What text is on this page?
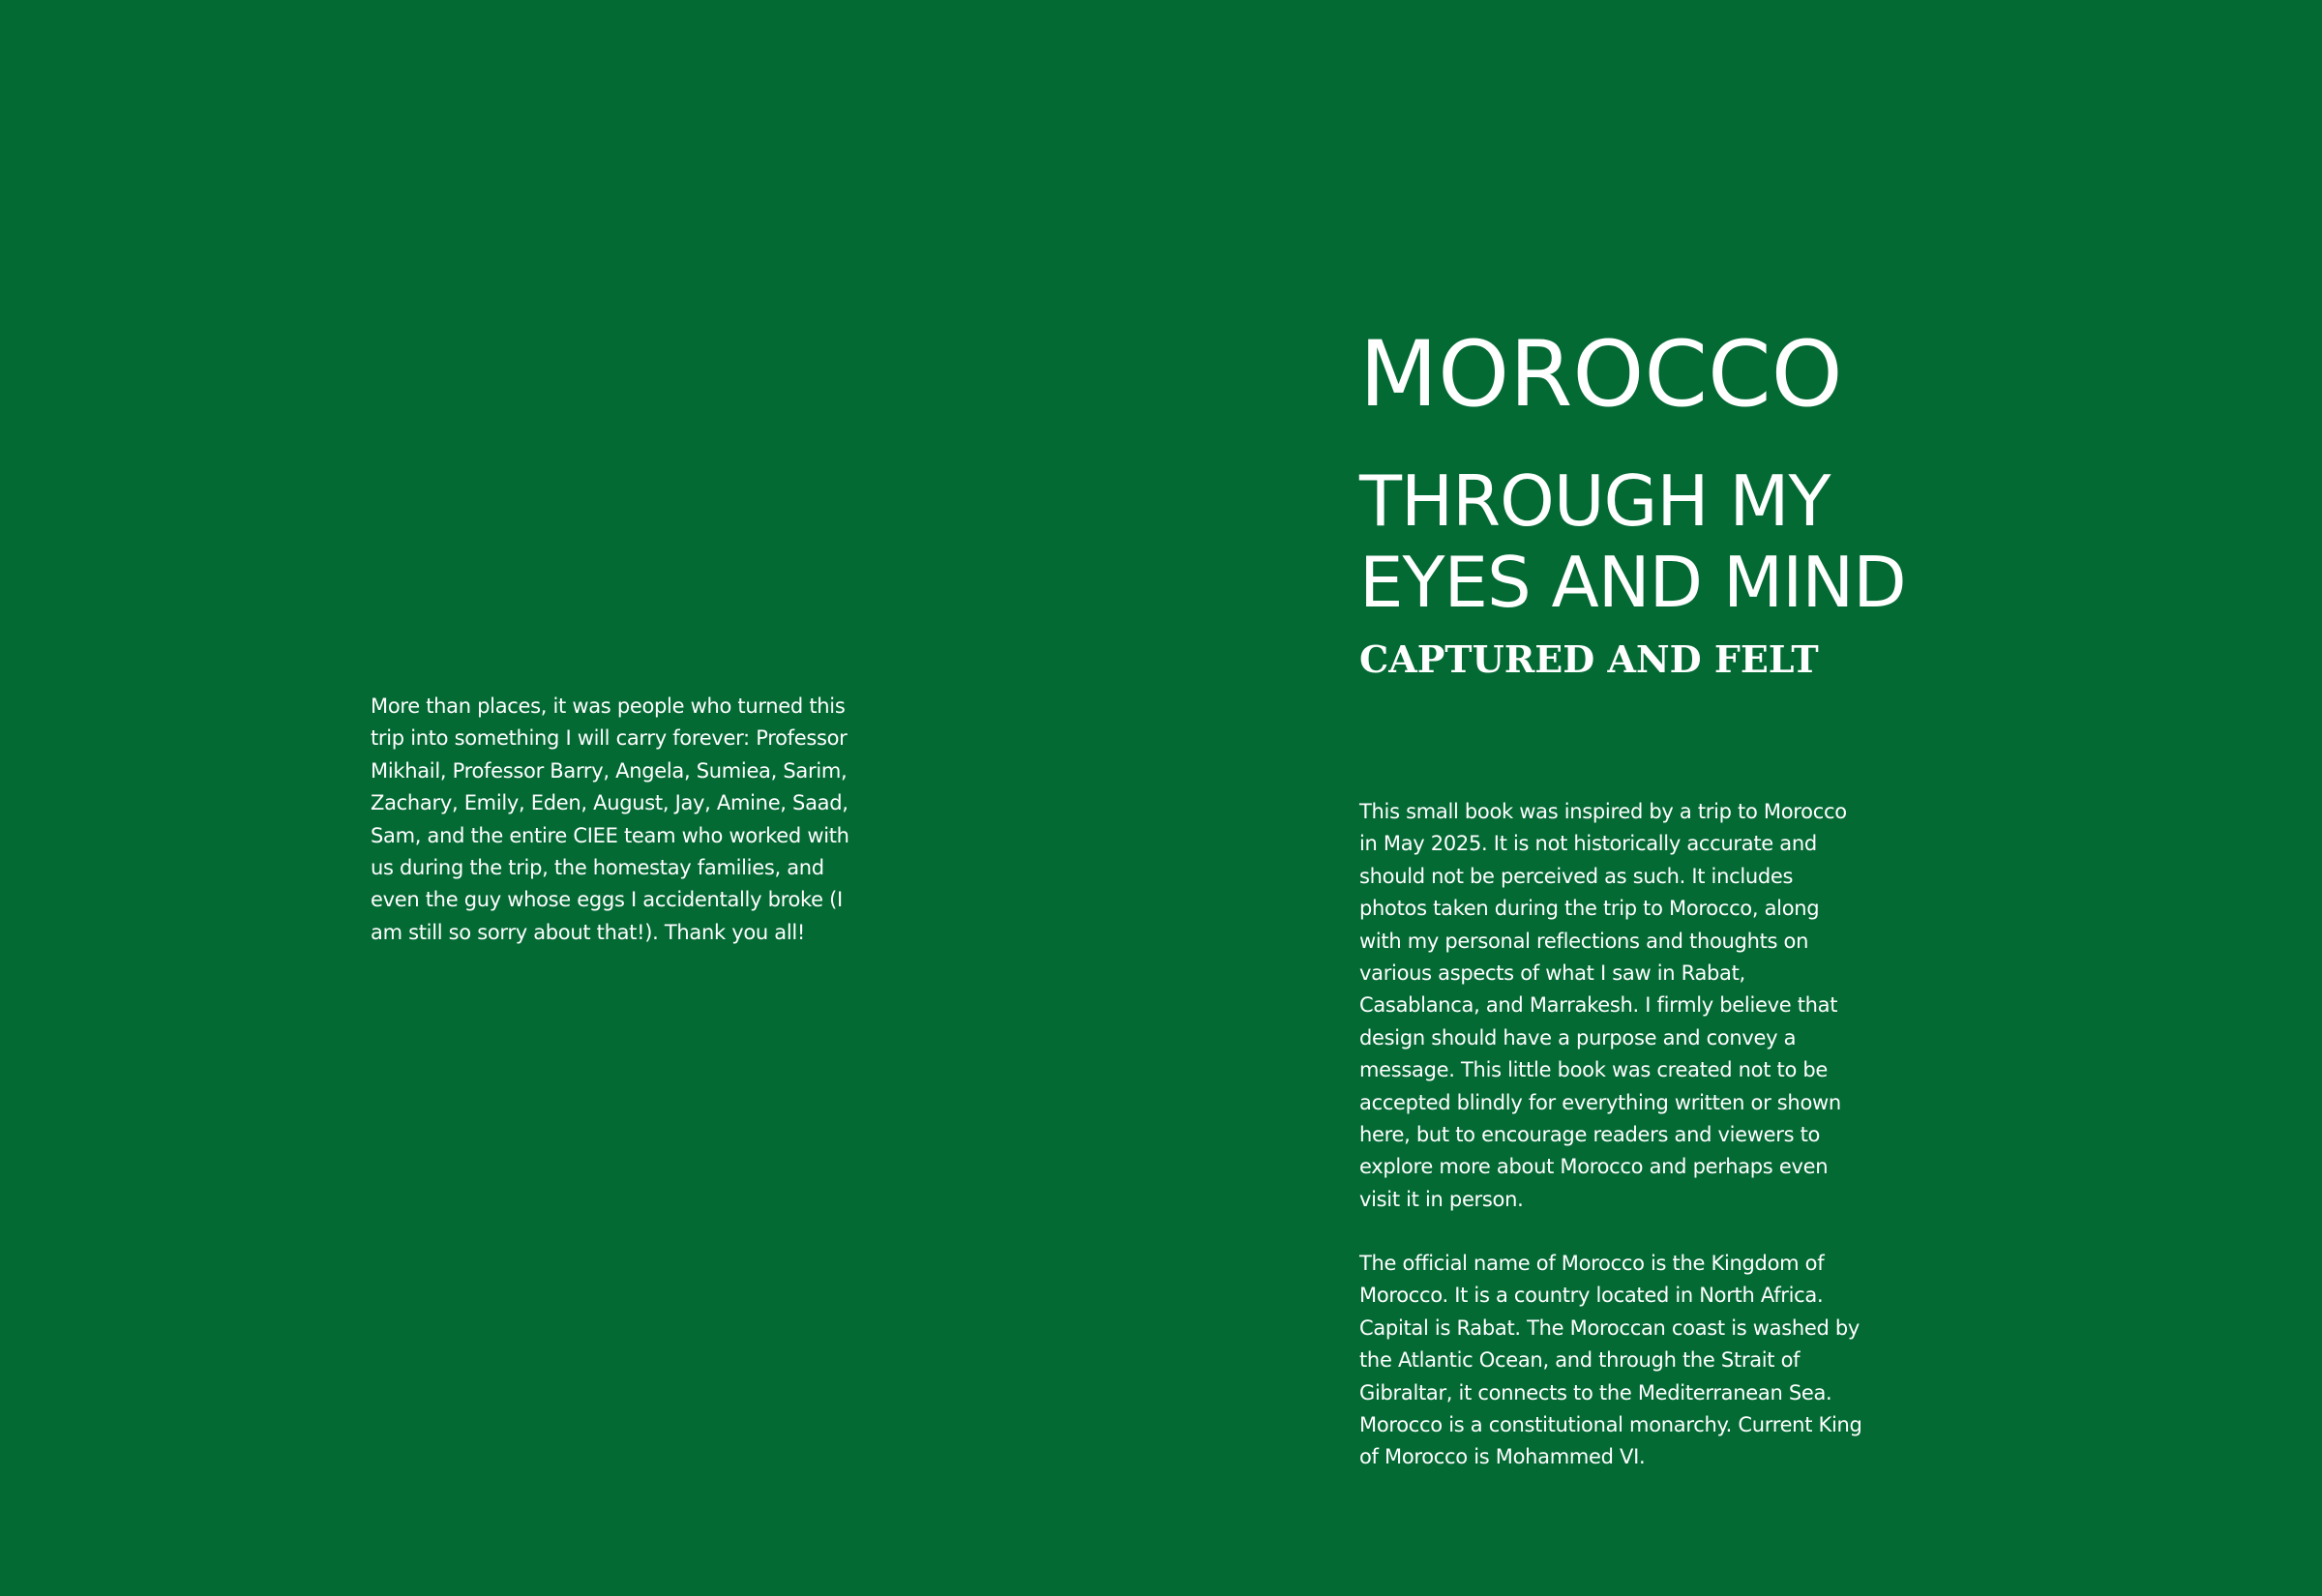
More than places, it was people who turned this trip into something I will carry forever: Professor Mikhail, Professor Barry, Angela, Sumiea, Sarim, Zachary, Emily, Eden, August, Jay, Amine, Saad, Sam, and the entire CIEE team who worked with us during the trip, the homestay families, and even the guy whose eggs I accidentally broke (I am still so sorry about that!). Thank you all!

MOROCCO
THROUGH MY
EYES AND MIND
CAPTURED AND FELT

This small book was inspired by a trip to Morocco in May 2025. It is not historically accurate and should not be perceived as such. It includes photos taken during the trip to Morocco, along with my personal reflections and thoughts on various aspects of what I saw in Rabat, Casablanca, and Marrakesh. I firmly believe that design should have a purpose and convey a message. This little book was created not to be accepted blindly for everything written or shown here, but to encourage readers and viewers to explore more about Morocco and perhaps even visit it in person.

The official name of Morocco is the Kingdom of Morocco. It is a country located in North Africa. Capital is Rabat. The Moroccan coast is washed by the Atlantic Ocean, and through the Strait of Gibraltar, it connects to the Mediterranean Sea. Morocco is a constitutional monarchy. Current King of Morocco is Mohammed VI.
